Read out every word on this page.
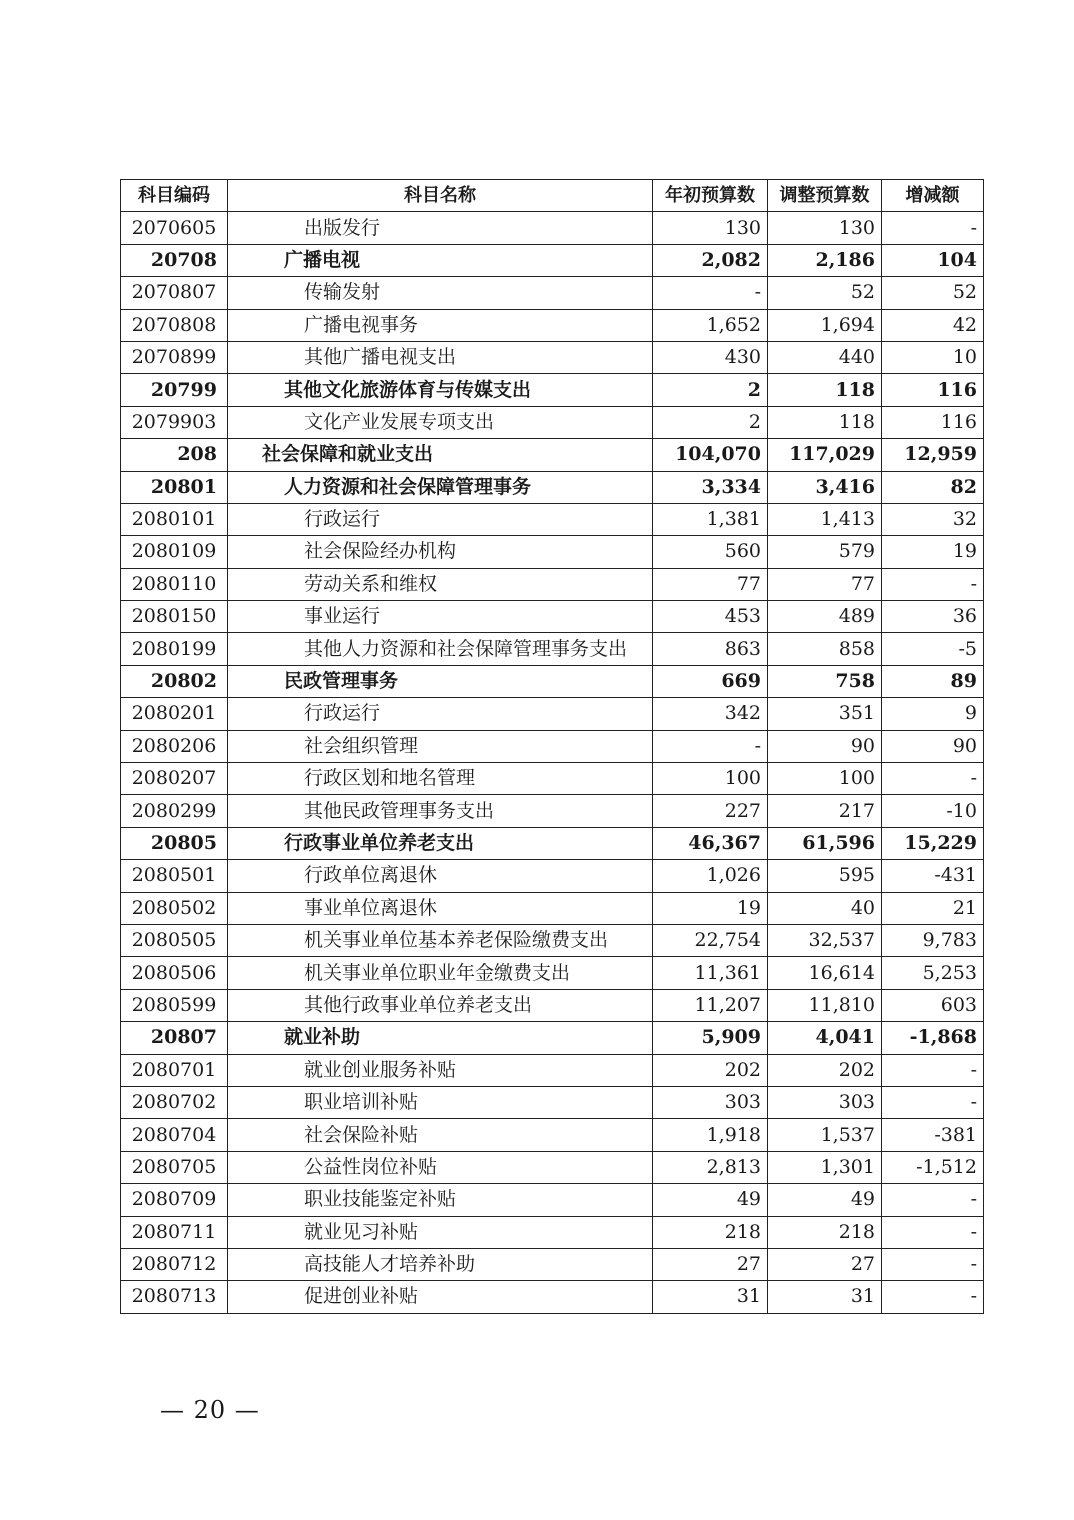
科目编码	科目名称	年初预算数	调整预算数	增减额
2070605	出版发行	130	130	-
20708	广播电视	2,082	2,186	104
2070807	传输发射	-	52	52
2070808	广播电视事务	1,652	1,694	42
2070899	其他广播电视支出	430	440	10
20799	其他文化旅游体育与传媒支出	2	118	116
2079903	文化产业发展专项支出	2	118	116
208	社会保障和就业支出	104,070	117,029	12,959
20801	人力资源和社会保障管理事务	3,334	3,416	82
2080101	行政运行	1,381	1,413	32
2080109	社会保险经办机构	560	579	19
2080110	劳动关系和维权	77	77	-
2080150	事业运行	453	489	36
2080199	其他人力资源和社会保障管理事务支出	863	858	-5
20802	民政管理事务	669	758	89
2080201	行政运行	342	351	9
2080206	社会组织管理	-	90	90
2080207	行政区划和地名管理	100	100	-
2080299	其他民政管理事务支出	227	217	-10
20805	行政事业单位养老支出	46,367	61,596	15,229
2080501	行政单位离退休	1,026	595	-431
2080502	事业单位离退休	19	40	21
2080505	机关事业单位基本养老保险缴费支出	22,754	32,537	9,783
2080506	机关事业单位职业年金缴费支出	11,361	16,614	5,253
2080599	其他行政事业单位养老支出	11,207	11,810	603
20807	就业补助	5,909	4,041	-1,868
2080701	就业创业服务补贴	202	202	-
2080702	职业培训补贴	303	303	-
2080704	社会保险补贴	1,918	1,537	-381
2080705	公益性岗位补贴	2,813	1,301	-1,512
2080709	职业技能鉴定补贴	49	49	-
2080711	就业见习补贴	218	218	-
2080712	高技能人才培养补助	27	27	-
2080713	促进创业补贴	31	31	-
— 20 —
